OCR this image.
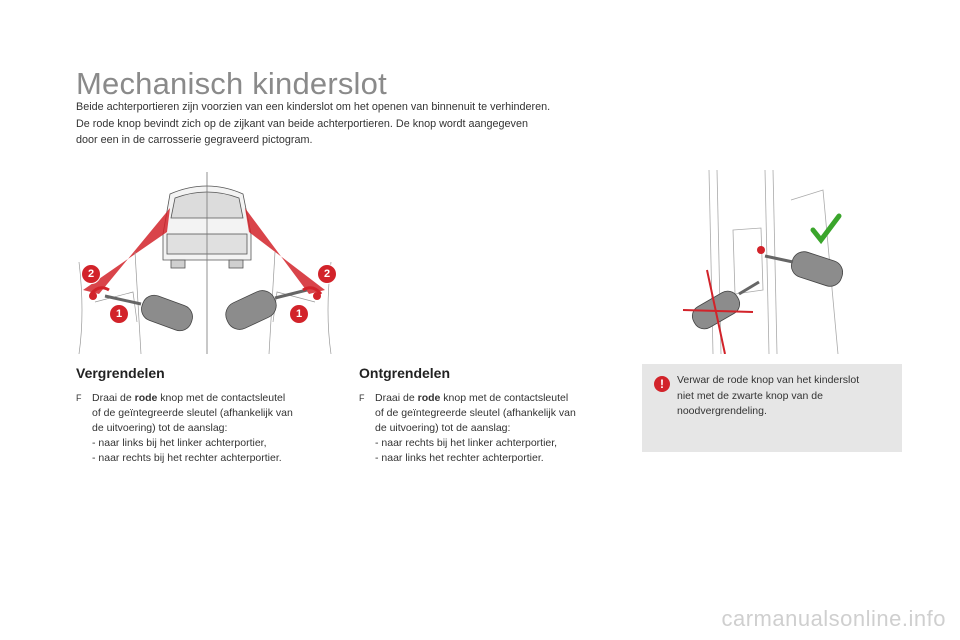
Mechanisch kinderslot
Beide achterportieren zijn voorzien van een kinderslot om het openen van binnenuit te verhinderen.
De rode knop bevindt zich op de zijkant van beide achterportieren. De knop wordt aangegeven
door een in de carrosserie gegraveerd pictogram.
2
1
2
1
Vergrendelen
F	Draai de rode knop met de contactsleutel
of de geïntegreerde sleutel (afhankelijk van
de uitvoering) tot de aanslag:
- naar links bij het linker achterportier,
- naar rechts bij het rechter achterportier.
Ontgrendelen
F	Draai de rode knop met de contactsleutel
of de geïntegreerde sleutel (afhankelijk van
de uitvoering) tot de aanslag:
- naar rechts bij het linker achterportier,
- naar links het rechter achterportier.
!	Verwar de rode knop van het kinderslot
niet met de zwarte knop van de
noodvergrendeling.
carmanualsonline.info
